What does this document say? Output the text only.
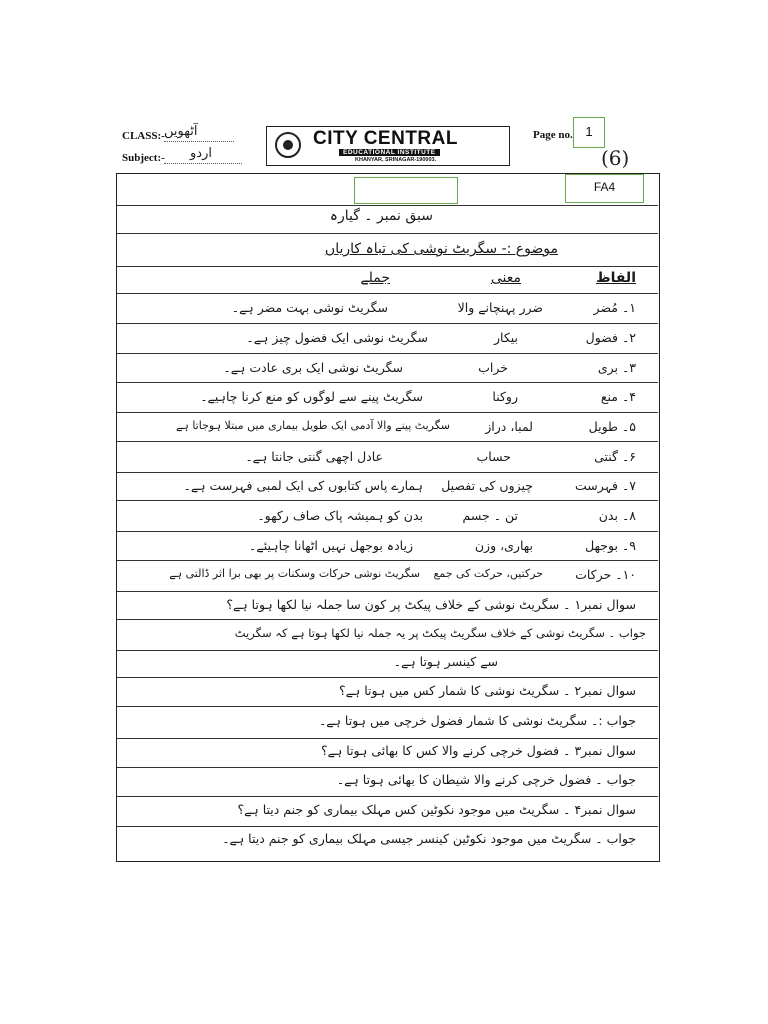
CLASS:- آٹھویں
Subject:- اردو
CITY CENTRAL
EDUCATIONAL INSTITUTE
KHANYAR, SRINAGAR-190003.
Page no. 1
(6)
FA4
سبق نمبر ۔ گیارہ
موضوع :- سگریٹ نوشی کی تباہ کاریاں
الفاظ
معنی
جملے
۱۔ مُضر
ضرر پہنچانے والا
سگریٹ نوشی بہت مضر ہے۔
۲۔ فضول
بیکار
سگریٹ نوشی ایک فضول چیز ہے۔
۳۔ بری
خراب
سگریٹ نوشی ایک بری عادت ہے۔
۴۔ منع
روکنا
سگریٹ پینے سے لوگوں کو منع کرنا چاہیے۔
۵۔ طویل
لمبا، دراز
سگریٹ پینے والا آدمی ایک طویل بیماری میں مبتلا ہوجاتا ہے
۶۔ گنتی
حساب
عادل اچھی گنتی جانتا ہے۔
۷۔ فہرست
چیزوں کی تفصیل
ہمارے پاس کتابوں کی ایک لمبی فہرست ہے۔
۸۔ بدن
تن ۔ جسم
بدن کو ہمیشہ پاک صاف رکھو۔
۹۔ بوجھل
بھاری، وزن
زیادہ بوجھل نہیں اٹھانا چاہیئے۔
۱۰۔ حرکات
حرکتیں، حرکت کی جمع
سگریٹ نوشی حرکات وسکنات پر بھی برا اثر ڈالتی ہے
سوال نمبر۱ ۔ سگریٹ نوشی کے خلاف پیکٹ پر کون سا جملہ نیا لکھا ہوتا ہے؟
جواب ۔ سگریٹ نوشی کے خلاف سگریٹ پیکٹ پر یہ جملہ نیا لکھا ہوتا ہے کہ سگریٹ
سے کینسر ہوتا ہے۔
سوال نمبر۲ ۔ سگریٹ نوشی کا شمار کس میں ہوتا ہے؟
جواب :۔ سگریٹ نوشی کا شمار فضول خرچی میں ہوتا ہے۔
سوال نمبر۳ ۔ فضول خرچی کرنے والا کس کا بھائی ہوتا ہے؟
جواب ۔ فضول خرچی کرنے والا شیطان کا بھائی ہوتا ہے۔
سوال نمبر۴ ۔ سگریٹ میں موجود نکوٹین کس مہلک بیماری کو جنم دیتا ہے؟
جواب ۔ سگریٹ میں موجود نکوٹین کینسر جیسی مہلک بیماری کو جنم دیتا ہے۔
